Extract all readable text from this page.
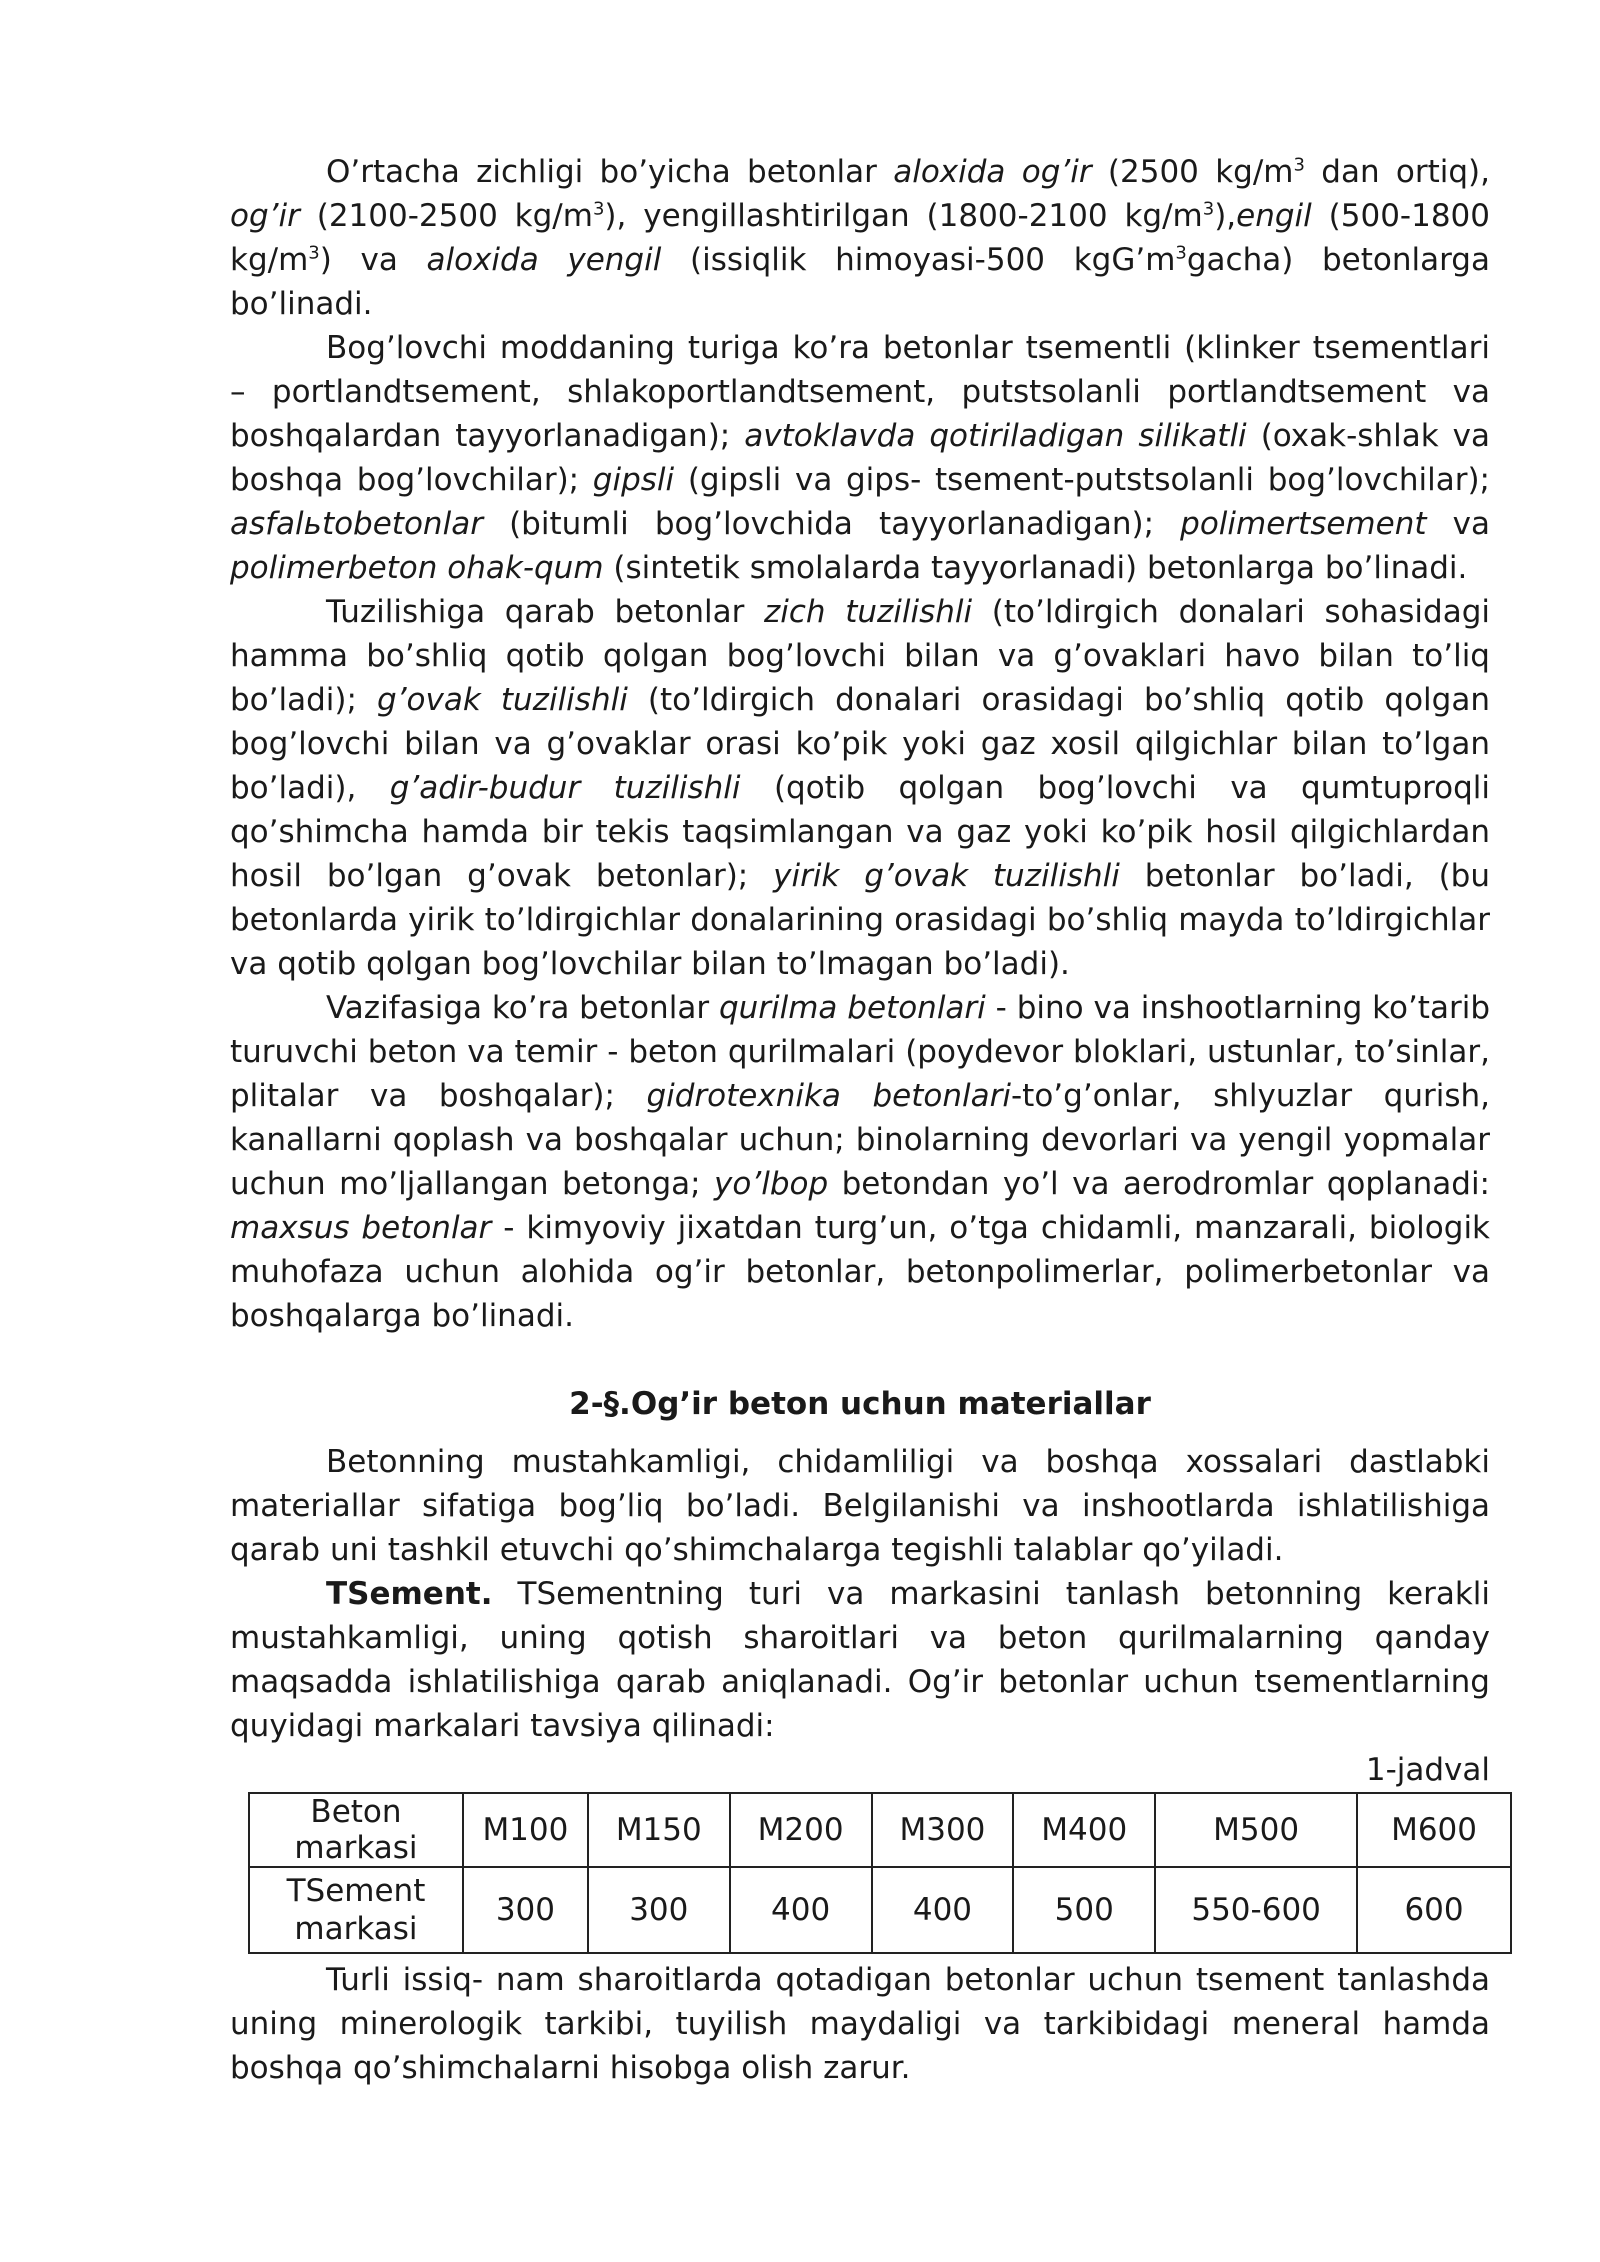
O’rtacha zichligi bo’yicha betonlar aloxida og’ir (2500 $kg/m^3$ dan ortiq), og’ir (2100-2500 $kg/m^3$), yengillashtirilgan (1800-2100 $kg/m^3),engil$ (500-1800 $kg/m^3$) va aloxida yengil (issiqlik himoyasi-500 $kgG’m^3gacha$) betonlarga bo’linadi.

Bog’lovchi moddaning turiga ko’ra betonlar tsementli (klinker tsementlari – portlandtsement, shlakoportlandtsement, putstsolanli portlandtsement va boshqalardan tayyorlanadigan); avtoklavda qotiriladigan silikatli (oxak-shlak va boshqa bog’lovchilar); gipsli (gipsli va gips- tsement-putstsolanli bog’lovchilar); asfalьtobetonlar (bitumli bog’lovchida tayyorlanadigan); polimertsement va polimerbeton ohak-qum (sintetik smolalarda tayyorlanadi) betonlarga bo’linadi.

Tuzilishiga qarab betonlar zich tuzilishli (to’ldirgich donalari sohasidagi hamma bo’shliq qotib qolgan bog’lovchi bilan va g’ovaklari havo bilan to’liq bo’ladi); g’ovak tuzilishli (to’ldirgich donalari orasidagi bo’shliq qotib qolgan bog’lovchi bilan va g’ovaklar orasi ko’pik yoki gaz xosil qilgichlar bilan to’lgan bo’ladi), g’adir-budur tuzilishli (qotib qolgan bog’lovchi va qumtuproqli qo’shimcha hamda bir tekis taqsimlangan va gaz yoki ko’pik hosil qilgichlardan hosil bo’lgan g’ovak betonlar); yirik g’ovak tuzilishli betonlar bo’ladi, (bu betonlarda yirik to’ldirgichlar donalarining orasidagi bo’shliq mayda to’ldirgichlar va qotib qolgan bog’lovchilar bilan to’lmagan bo’ladi).

Vazifasiga ko’ra betonlar qurilma betonlari - bino va inshootlarning ko’tarib turuvchi beton va temir - beton qurilmalari (poydevor bloklari, ustunlar, to’sinlar, plitalar va boshqalar); gidrotexnika betonlari-to’g’onlar, shlyuzlar qurish, kanallarni qoplash va boshqalar uchun; binolarning devorlari va yengil yopmalar uchun mo’ljallangan betonga; yo’lbop betondan yo’l va aerodromlar qoplanadi: maxsus betonlar - kimyoviy jixatdan turg’un, o’tga chidamli, manzarali, biologik muhofaza uchun alohida og’ir betonlar, betonpolimerlar, polimerbetonlar va boshqalarga bo’linadi.

2-§.Og’ir beton uchun materiallar

Betonning mustahkamligi, chidamliligi va boshqa xossalari dastlabki materiallar sifatiga bog’liq bo’ladi. Belgilanishi va inshootlarda ishlatilishiga qarab uni tashkil etuvchi qo’shimchalarga tegishli talablar qo’yiladi.

TSement. TSementning turi va markasini tanlash betonning kerakli mustahkamligi, uning qotish sharoitlari va beton qurilmalarning qanday maqsadda ishlatilishiga qarab aniqlanadi. Og’ir betonlar uchun tsementlarning quyidagi markalari tavsiya qilinadi:

1-jadval
Beton markasi	M100	M150	M200	M300	M400	M500	M600
TSement
markasi	300	300	400	400	500	550-600	600

Turli issiq- nam sharoitlarda qotadigan betonlar uchun tsement tanlashda uning minerologik tarkibi, tuyilish maydaligi va tarkibidagi meneral hamda boshqa qo’shimchalarni hisobga olish zarur.
